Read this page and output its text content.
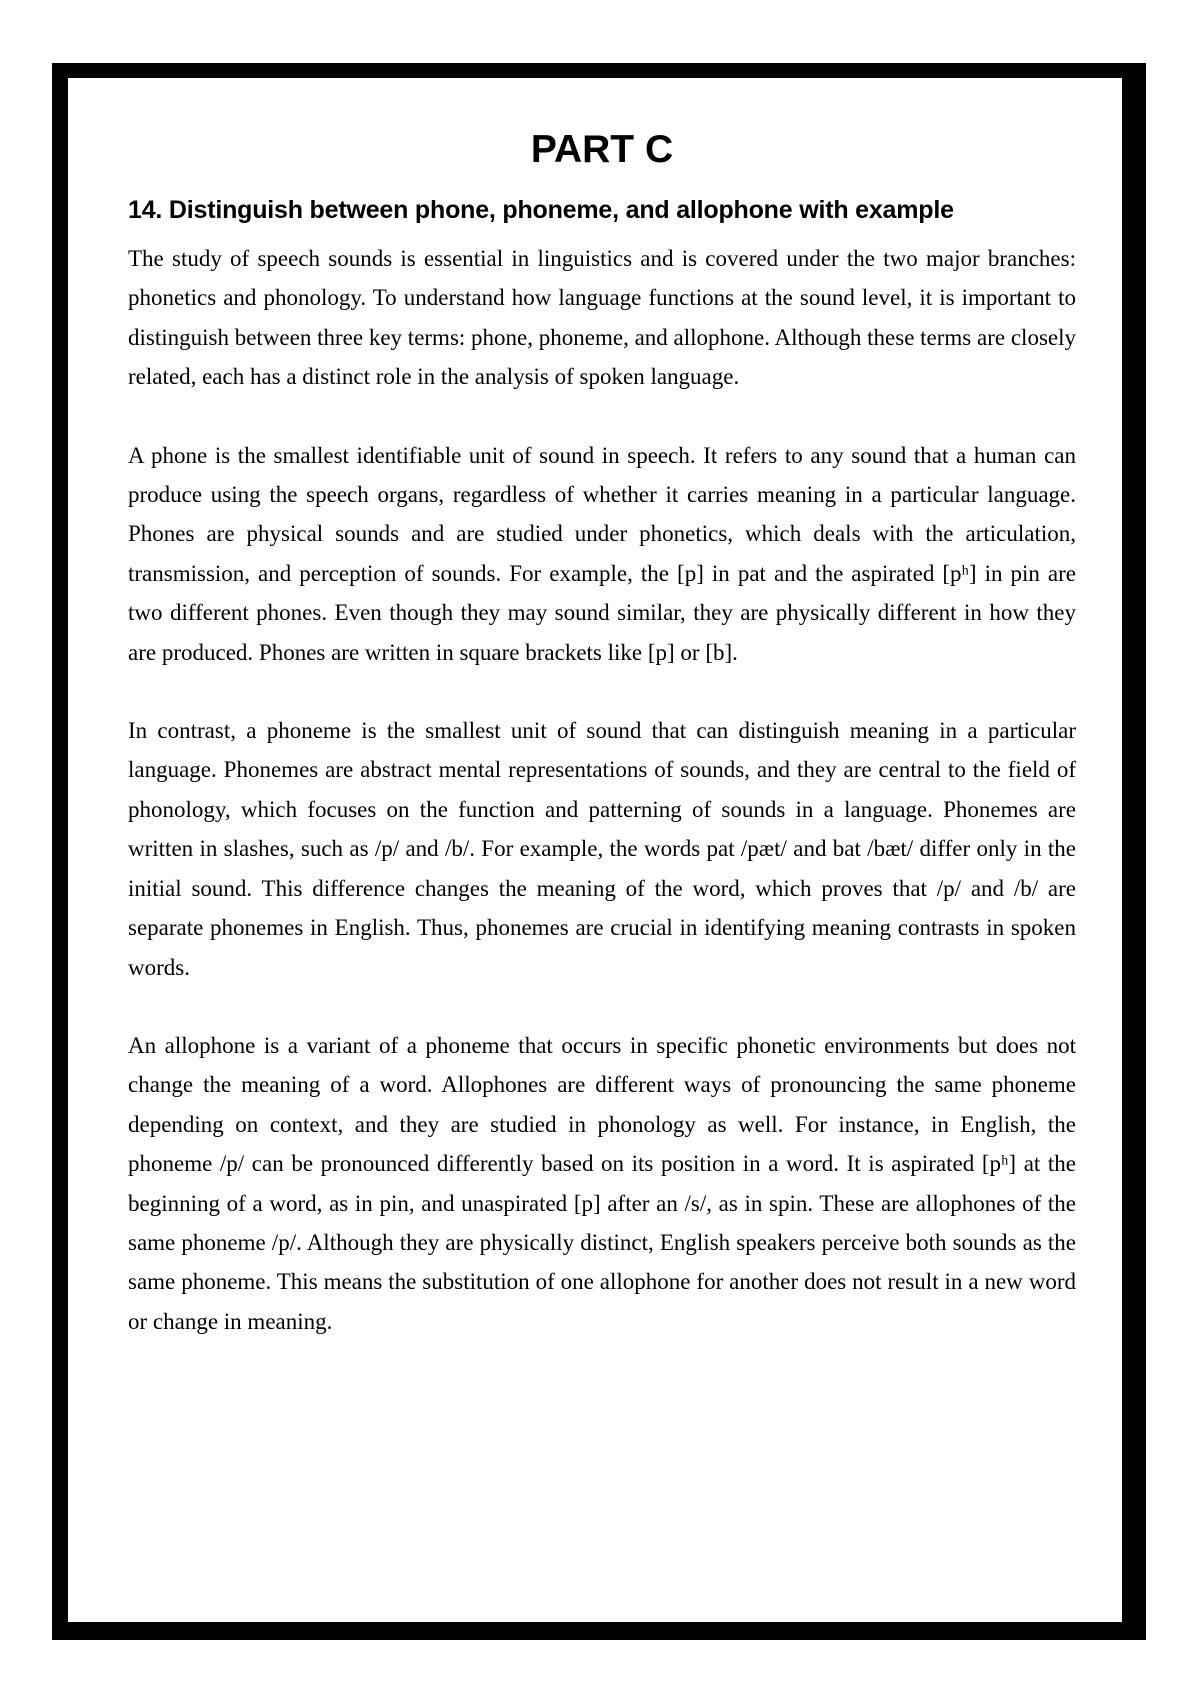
PART C
14. Distinguish between phone, phoneme, and allophone with example

The study of speech sounds is essential in linguistics and is covered under the two major branches: phonetics and phonology. To understand how language functions at the sound level, it is important to distinguish between three key terms: phone, phoneme, and allophone. Although these terms are closely related, each has a distinct role in the analysis of spoken language.

A phone is the smallest identifiable unit of sound in speech. It refers to any sound that a human can produce using the speech organs, regardless of whether it carries meaning in a particular language. Phones are physical sounds and are studied under phonetics, which deals with the articulation, transmission, and perception of sounds. For example, the [p] in pat and the aspirated [pʰ] in pin are two different phones. Even though they may sound similar, they are physically different in how they are produced. Phones are written in square brackets like [p] or [b].

In contrast, a phoneme is the smallest unit of sound that can distinguish meaning in a particular language. Phonemes are abstract mental representations of sounds, and they are central to the field of phonology, which focuses on the function and patterning of sounds in a language. Phonemes are written in slashes, such as /p/ and /b/. For example, the words pat /pæt/ and bat /bæt/ differ only in the initial sound. This difference changes the meaning of the word, which proves that /p/ and /b/ are separate phonemes in English. Thus, phonemes are crucial in identifying meaning contrasts in spoken words.

An allophone is a variant of a phoneme that occurs in specific phonetic environments but does not change the meaning of a word. Allophones are different ways of pronouncing the same phoneme depending on context, and they are studied in phonology as well. For instance, in English, the phoneme /p/ can be pronounced differently based on its position in a word. It is aspirated [pʰ] at the beginning of a word, as in pin, and unaspirated [p] after an /s/, as in spin. These are allophones of the same phoneme /p/. Although they are physically distinct, English speakers perceive both sounds as the same phoneme. This means the substitution of one allophone for another does not result in a new word or change in meaning.
